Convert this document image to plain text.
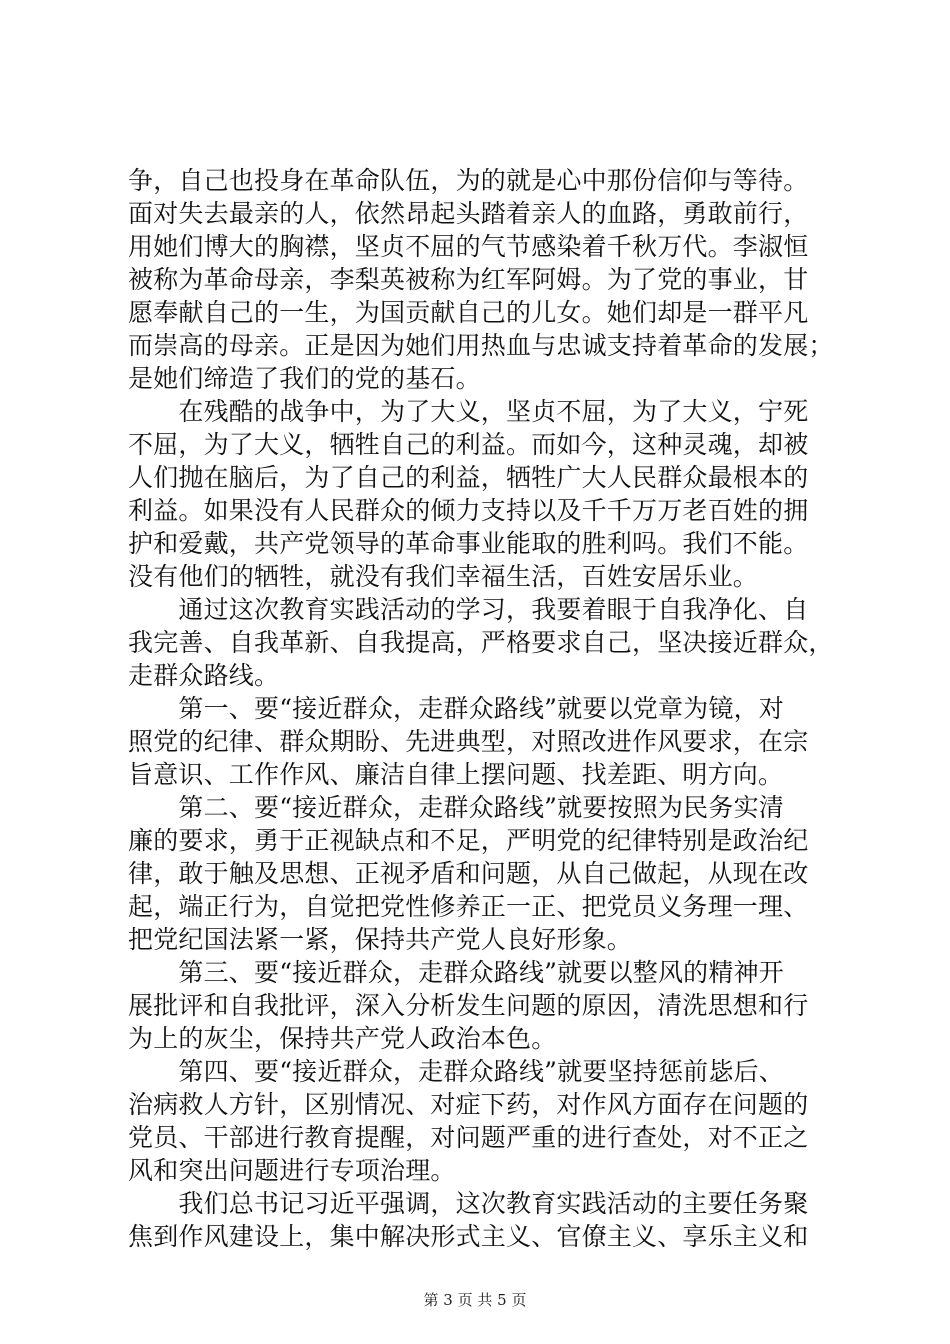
争，自己也投身在革命队伍，为的就是心中那份信仰与等待。
面对失去最亲的人，依然昂起头踏着亲人的血路，勇敢前行，
用她们博大的胸襟，坚贞不屈的气节感染着千秋万代。李淑恒
被称为革命母亲，李梨英被称为红军阿姆。为了党的事业，甘
愿奉献自己的一生，为国贡献自己的儿女。她们却是一群平凡
而崇高的母亲。正是因为她们用热血与忠诚支持着革命的发展；
是她们缔造了我们的党的基石。
　　在残酷的战争中，为了大义，坚贞不屈，为了大义，宁死
不屈，为了大义，牺牲自己的利益。而如今，这种灵魂，却被
人们抛在脑后，为了自己的利益，牺牲广大人民群众最根本的
利益。如果没有人民群众的倾力支持以及千千万万老百姓的拥
护和爱戴，共产党领导的革命事业能取的胜利吗。我们不能。
没有他们的牺牲，就没有我们幸福生活，百姓安居乐业。
　　通过这次教育实践活动的学习，我要着眼于自我净化、自
我完善、自我革新、自我提高，严格要求自己，坚决接近群众，
走群众路线。
　　第一、要“接近群众，走群众路线”就要以党章为镜，对
照党的纪律、群众期盼、先进典型，对照改进作风要求，在宗
旨意识、工作作风、廉洁自律上摆问题、找差距、明方向。
　　第二、要“接近群众，走群众路线”就要按照为民务实清
廉的要求，勇于正视缺点和不足，严明党的纪律特别是政治纪
律，敢于触及思想、正视矛盾和问题，从自己做起，从现在改
起，端正行为，自觉把党性修养正一正、把党员义务理一理、
把党纪国法紧一紧，保持共产党人良好形象。
　　第三、要“接近群众，走群众路线”就要以整风的精神开
展批评和自我批评，深入分析发生问题的原因，清洗思想和行
为上的灰尘，保持共产党人政治本色。
　　第四、要“接近群众，走群众路线”就要坚持惩前毖后、
治病救人方针，区别情况、对症下药，对作风方面存在问题的
党员、干部进行教育提醒，对问题严重的进行查处，对不正之
风和突出问题进行专项治理。
　　我们总书记习近平强调，这次教育实践活动的主要任务聚
焦到作风建设上，集中解决形式主义、官僚主义、享乐主义和
第 3 页 共 5 页
